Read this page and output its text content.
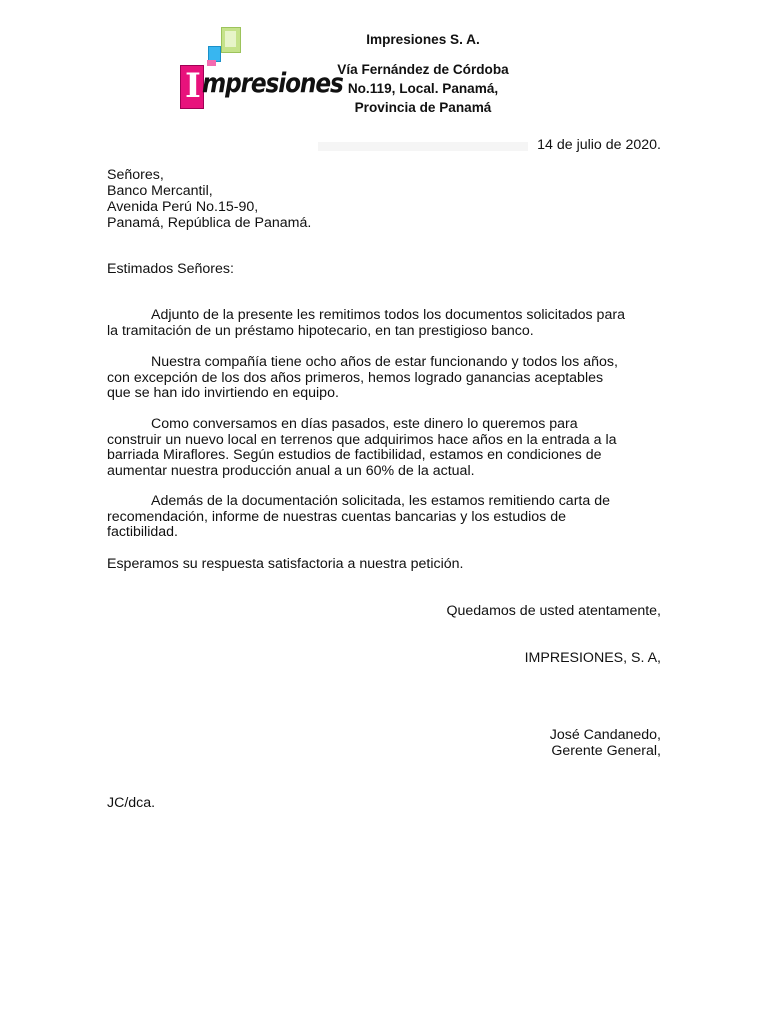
I mpresiones
Impresiones S. A.
Vía Fernández de Córdoba
No.119, Local. Panamá,
Provincia de Panamá
14 de julio de 2020.
Señores,
Banco Mercantil,
Avenida Perú No.15-90,
Panamá, República de Panamá.
Estimados Señores:
Adjunto de la presente les remitimos todos los documentos solicitados para
la tramitación de un préstamo hipotecario, en tan prestigioso banco.
Nuestra compañía tiene ocho años de estar funcionando y todos los años,
con excepción de los dos años primeros, hemos logrado ganancias aceptables
que se han ido invirtiendo en equipo.
Como conversamos en días pasados, este dinero lo queremos para
construir un nuevo local en terrenos que adquirimos hace años en la entrada a la
barriada Miraflores. Según estudios de factibilidad, estamos en condiciones de
aumentar nuestra producción anual a un 60% de la actual.
Además de la documentación solicitada, les estamos remitiendo carta de
recomendación, informe de nuestras cuentas bancarias y los estudios de
factibilidad.
Esperamos su respuesta satisfactoria a nuestra petición.
Quedamos de usted atentamente,
IMPRESIONES, S. A,
José Candanedo,
Gerente General,
JC/dca.
